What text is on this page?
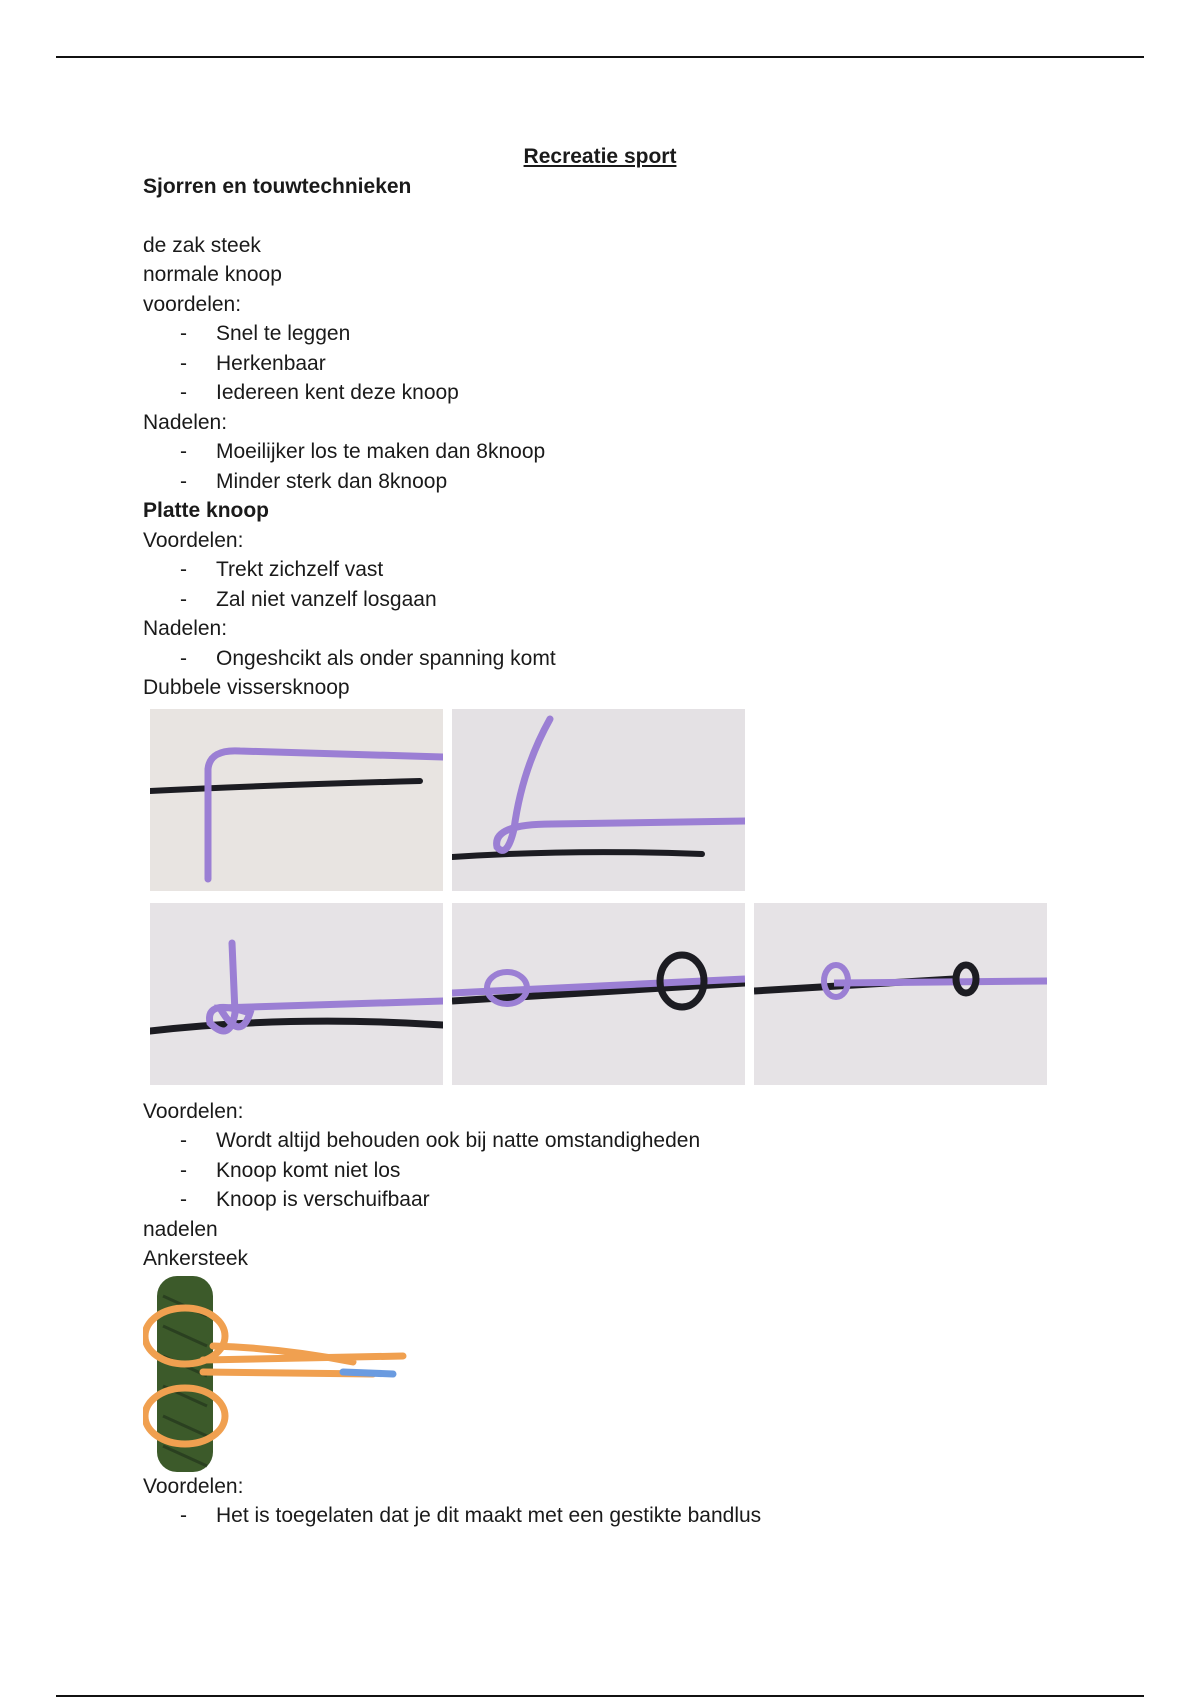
Recreatie sport
Sjorren en touwtechnieken
de zak steek
normale knoop
voordelen:
- Snel te leggen
- Herkenbaar
- Iedereen kent deze knoop
Nadelen:
- Moeilijker los te maken dan 8knoop
- Minder sterk dan 8knoop
Platte knoop
Voordelen:
- Trekt zichzelf vast
- Zal niet vanzelf losgaan
Nadelen:
- Ongeshcikt als onder spanning komt
Dubbele vissersknoop
Voordelen:
- Wordt altijd behouden ook bij natte omstandigheden
- Knoop komt niet los
- Knoop is verschuifbaar
nadelen
Ankersteek
Voordelen:
- Het is toegelaten dat je dit maakt met een gestikte bandlus
